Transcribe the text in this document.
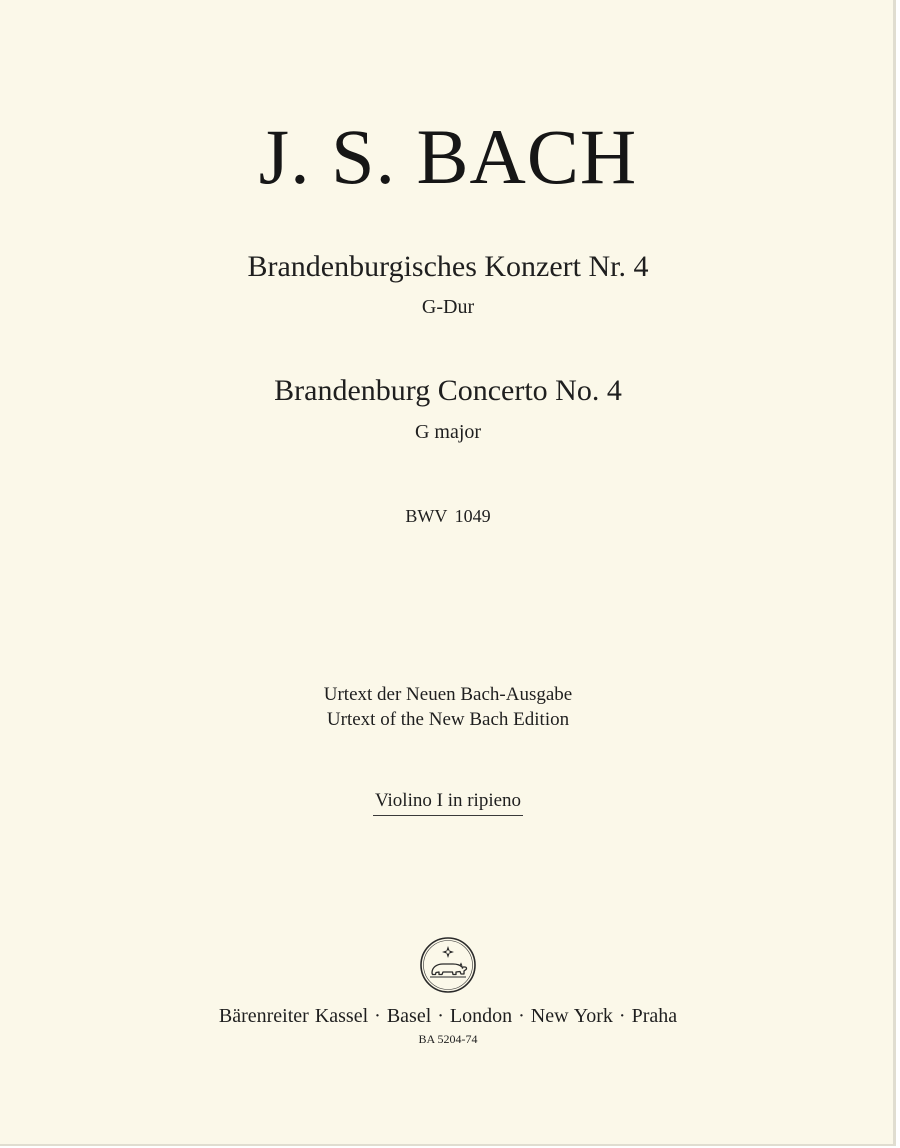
J. S. BACH
Brandenburgisches Konzert Nr. 4
G-Dur
Brandenburg Concerto No. 4
G major
BWV 1049
Urtext der Neuen Bach-Ausgabe
Urtext of the New Bach Edition
Violino I in ripieno
Bärenreiter Kassel · Basel · London · New York · Praha
BA 5204-74
